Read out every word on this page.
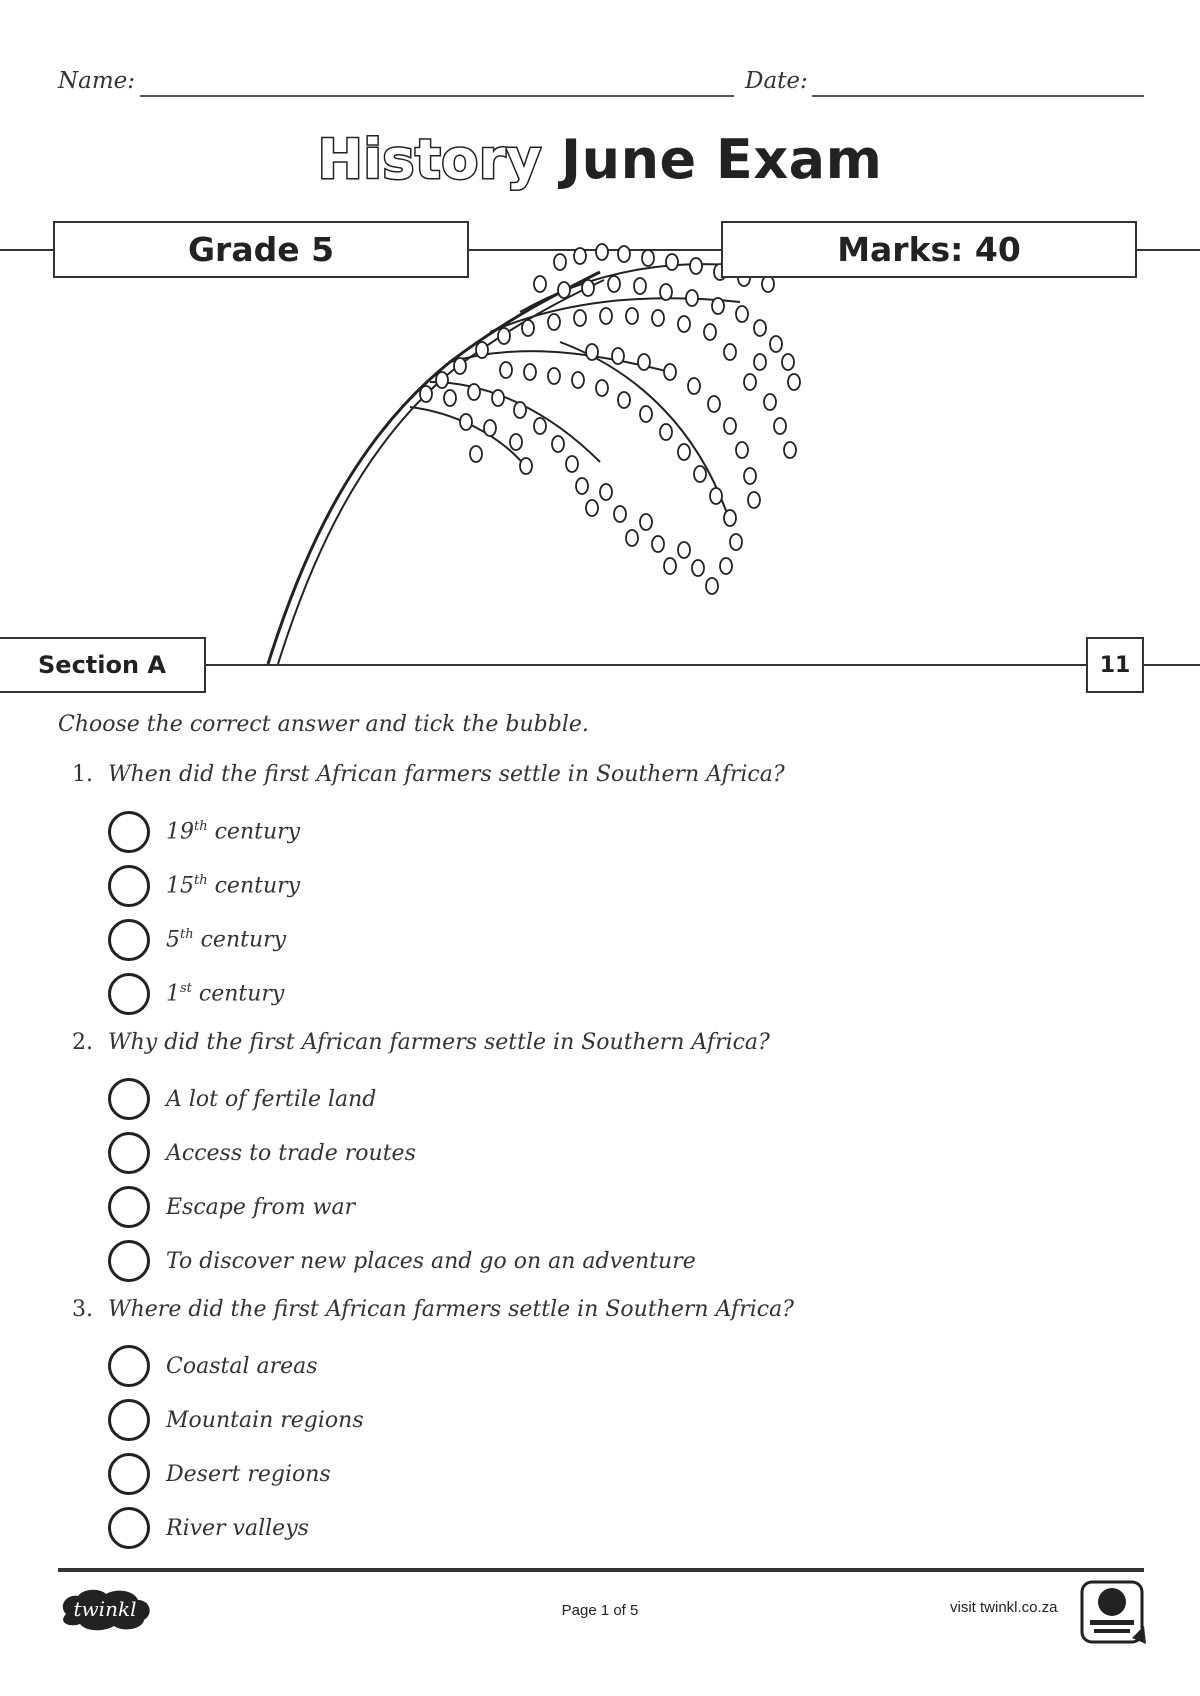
Name:	Date:
History June Exam
Grade 5	Marks: 40
Section A	11
Choose the correct answer and tick the bubble.
1. When did the first African farmers settle in Southern Africa?
19th century
15th century
5th century
1st century
2. Why did the first African farmers settle in Southern Africa?
A lot of fertile land
Access to trade routes
Escape from war
To discover new places and go on an adventure
3. Where did the first African farmers settle in Southern Africa?
Coastal areas
Mountain regions
Desert regions
River valleys
twinkl	Page 1 of 5	visit twinkl.co.za
